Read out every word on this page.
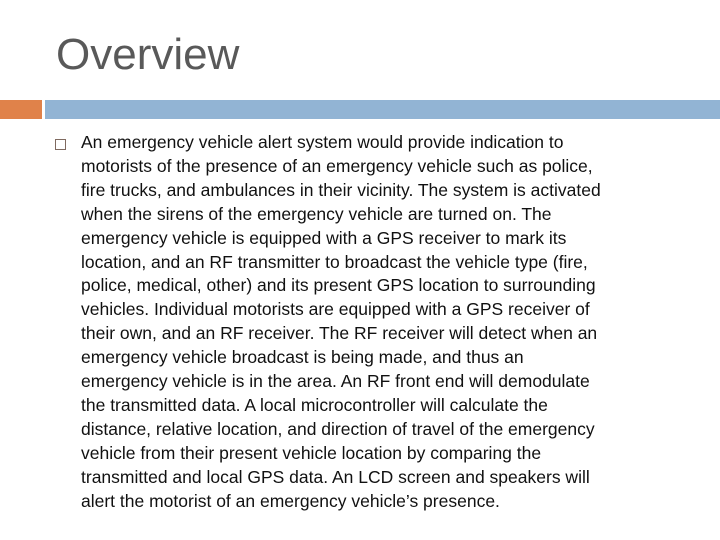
Overview
An emergency vehicle alert system would provide indication to
motorists of the presence of an emergency vehicle such as police,
fire trucks, and ambulances in their vicinity. The system is activated
when the sirens of the emergency vehicle are turned on. The
emergency vehicle is equipped with a GPS receiver to mark its
location, and an RF transmitter to broadcast the vehicle type (fire,
police, medical, other) and its present GPS location to surrounding
vehicles. Individual motorists are equipped with a GPS receiver of
their own, and an RF receiver. The RF receiver will detect when an
emergency vehicle broadcast is being made, and thus an
emergency vehicle is in the area. An RF front end will demodulate
the transmitted data. A local microcontroller will calculate the
distance, relative location, and direction of travel of the emergency
vehicle from their present vehicle location by comparing the
transmitted and local GPS data. An LCD screen and speakers will
alert the motorist of an emergency vehicle’s presence.
